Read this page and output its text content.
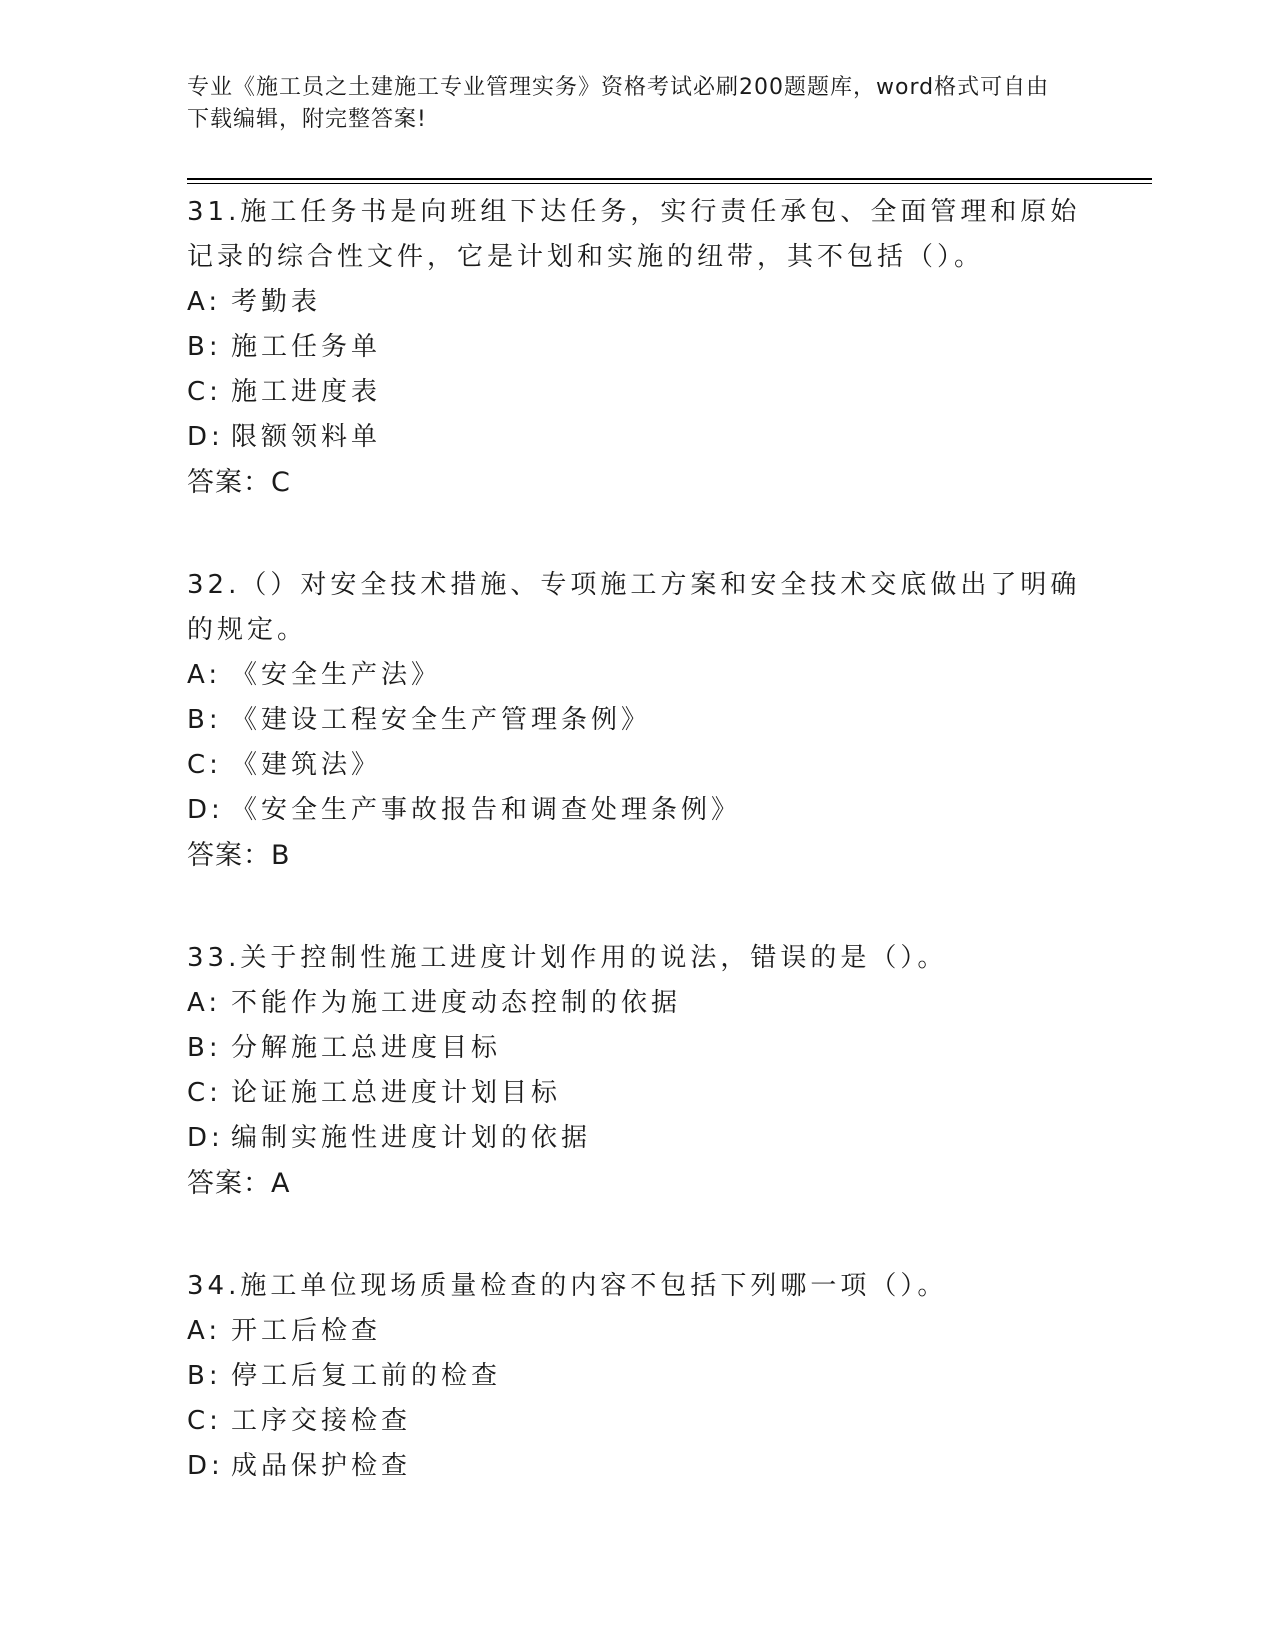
专业《施工员之土建施工专业管理实务》资格考试必刷200题题库，word格式可自由下载编辑，附完整答案!

31.施工任务书是向班组下达任务，实行责任承包、全面管理和原始记录的综合性文件，它是计划和实施的纽带，其不包括（）。

A: 考勤表

B: 施工任务单

C: 施工进度表

D: 限额领料单

答案：C

32.（）对安全技术措施、专项施工方案和安全技术交底做出了明确的规定。

A: 《安全生产法》

B: 《建设工程安全生产管理条例》

C: 《建筑法》

D: 《安全生产事故报告和调查处理条例》

答案：B

33.关于控制性施工进度计划作用的说法，错误的是（）。

A: 不能作为施工进度动态控制的依据

B: 分解施工总进度目标

C: 论证施工总进度计划目标

D: 编制实施性进度计划的依据

答案：A

34.施工单位现场质量检查的内容不包括下列哪一项（）。

A: 开工后检查

B: 停工后复工前的检查

C: 工序交接检查

D: 成品保护检查
